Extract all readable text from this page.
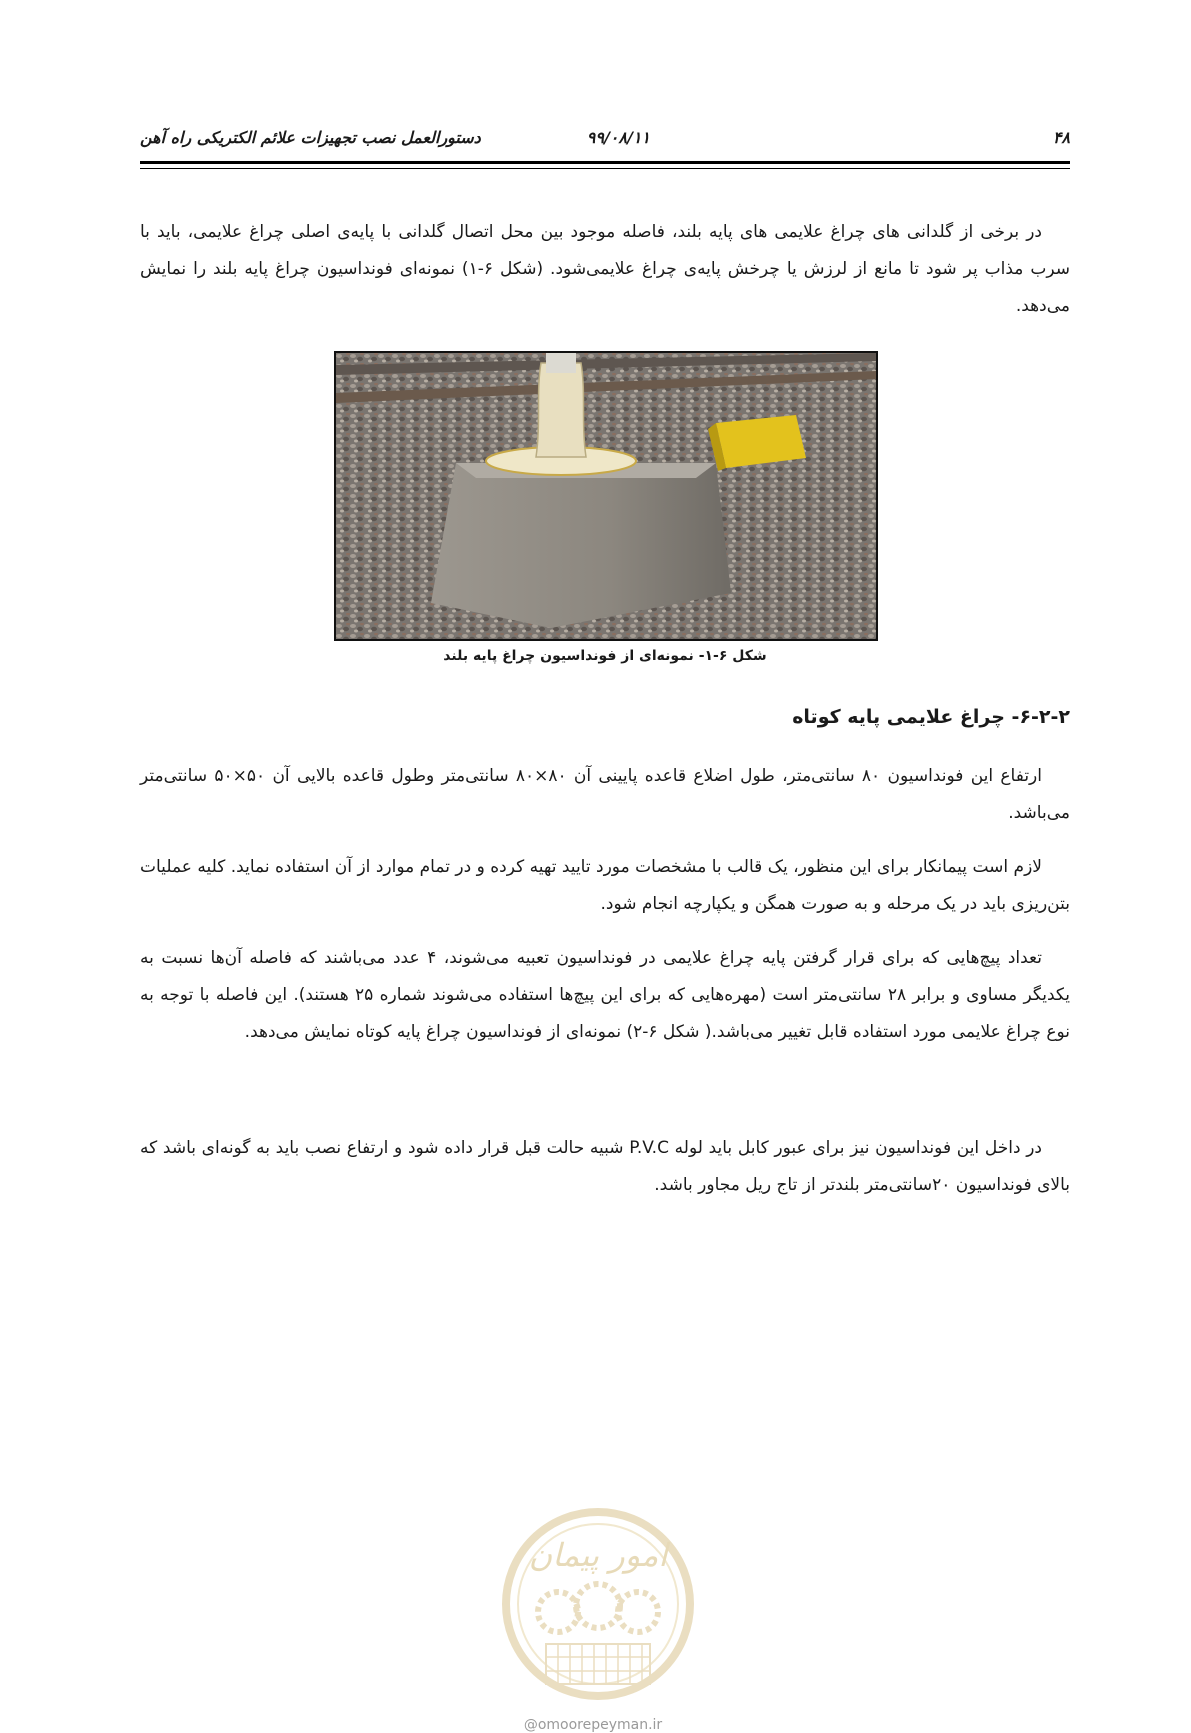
۴۸
۹۹/۰۸/۱۱
دستورالعمل نصب تجهیزات علائم الکتریکی راه آهن

در برخی از گلدانی های چراغ علایمی های پایه بلند، فاصله موجود بین محل اتصال گلدانی با پایه‌ی اصلی چراغ علایمی، باید با سرب مذاب پر شود تا مانع از لرزش یا چرخش پایه‌ی چراغ علایمی‌شود. (شکل ۶-۱) نمونه‌ای فونداسیون چراغ پایه بلند را نمایش می‌دهد.

شکل ۶-۱- نمونه‌ای از فونداسیون چراغ پایه بلند
۶-۲-۲- چراغ علایمی پایه کوتاه

ارتفاع این فونداسیون ۸۰ سانتی‌متر، طول اضلاع قاعده پایینی آن ۸۰×۸۰ سانتی‌متر وطول قاعده بالایی آن ۵۰×۵۰ سانتی‌متر می‌باشد.

لازم است پیمانکار برای این منظور، یک قالب با مشخصات مورد تایید تهیه کرده و در تمام موارد از آن استفاده نماید. کلیه عملیات بتن‌ریزی باید در یک مرحله و به صورت همگن و یکپارچه انجام شود.

تعداد پیچ‌هایی که برای قرار گرفتن پایه چراغ علایمی در فونداسیون تعبیه می‌شوند، ۴ عدد می‌باشند که فاصله آن‌ها نسبت به یکدیگر مساوی و برابر ۲۸ سانتی‌متر است (مهره‌هایی که برای این پیچ‌ها استفاده می‌شوند شماره ۲۵ هستند). این فاصله با توجه به نوع چراغ علایمی مورد استفاده قابل تغییر می‌باشد.( شکل ۶-۲) نمونه‌ای از فونداسیون چراغ پایه کوتاه نمایش می‌دهد.

در داخل این فونداسیون نیز برای عبور کابل باید لوله P.V.C شبیه حالت قبل قرار داده شود و ارتفاع نصب باید به گونه‌ای باشد که بالای فونداسیون ۲۰سانتی‌متر بلندتر از تاج ریل مجاور باشد.

امور پیمان
@omoorepeyman.ir
